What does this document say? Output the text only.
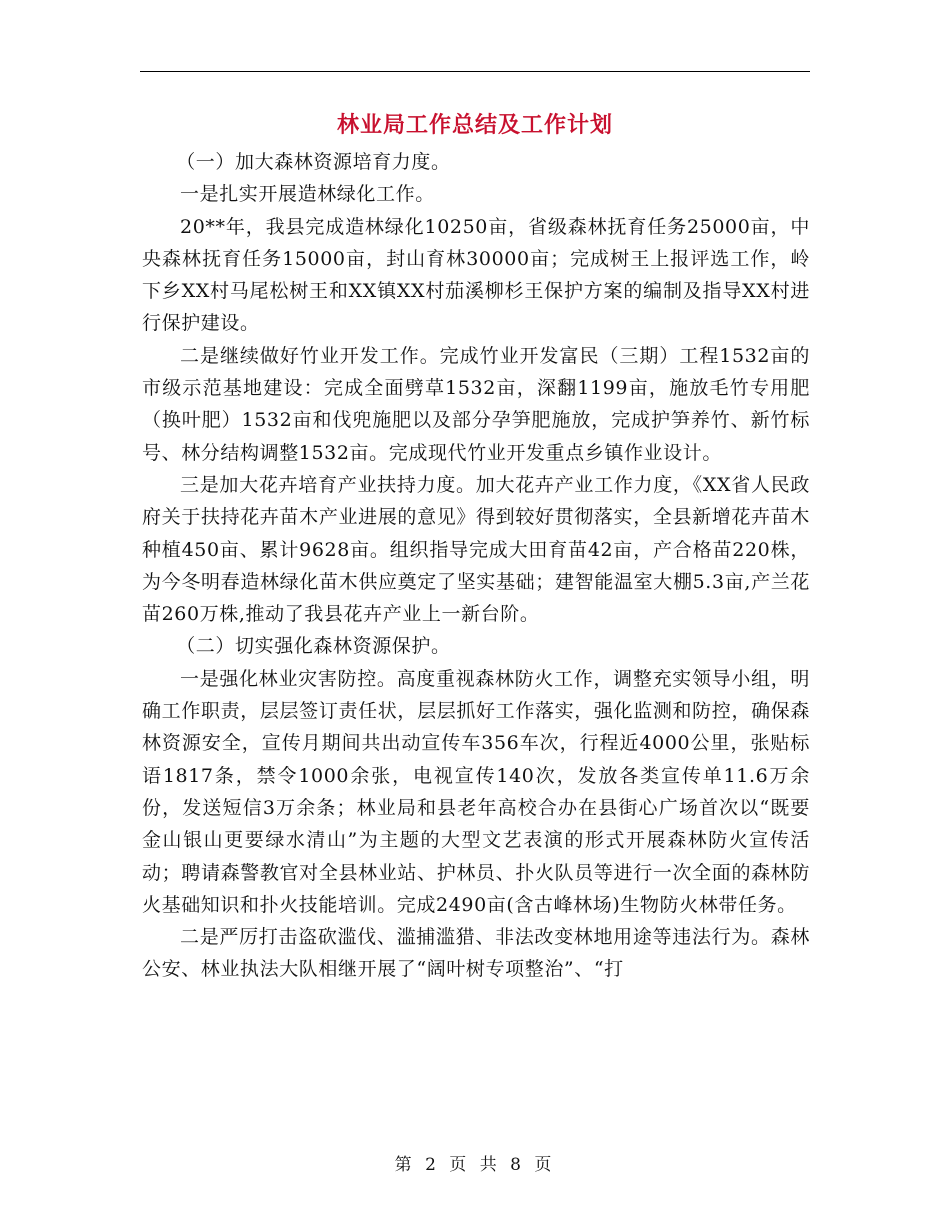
林业局工作总结及工作计划

（一）加大森林资源培育力度。

一是扎实开展造林绿化工作。

20**年，我县完成造林绿化10250亩，省级森林抚育任务25000亩，中央森林抚育任务15000亩，封山育林30000亩；完成树王上报评选工作，岭下乡XX村马尾松树王和XX镇XX村茄溪柳杉王保护方案的编制及指导XX村进行保护建设。

二是继续做好竹业开发工作。完成竹业开发富民（三期）工程1532亩的市级示范基地建设：完成全面劈草1532亩，深翻1199亩，施放毛竹专用肥（换叶肥）1532亩和伐兜施肥以及部分孕笋肥施放，完成护笋养竹、新竹标号、林分结构调整1532亩。完成现代竹业开发重点乡镇作业设计。

三是加大花卉培育产业扶持力度。加大花卉产业工作力度，《XX省人民政府关于扶持花卉苗木产业进展的意见》得到较好贯彻落实，全县新增花卉苗木种植450亩、累计9628亩。组织指导完成大田育苗42亩，产合格苗220株，为今冬明春造林绿化苗木供应奠定了坚实基础；建智能温室大棚5.3亩,产兰花苗260万株,推动了我县花卉产业上一新台阶。

（二）切实强化森林资源保护。

一是强化林业灾害防控。高度重视森林防火工作，调整充实领导小组，明确工作职责，层层签订责任状，层层抓好工作落实，强化监测和防控，确保森林资源安全，宣传月期间共出动宣传车356车次，行程近4000公里，张贴标语1817条，禁令1000余张，电视宣传140次，发放各类宣传单11.6万余份，发送短信3万余条；林业局和县老年高校合办在县街心广场首次以“既要金山银山更要绿水清山”为主题的大型文艺表演的形式开展森林防火宣传活动；聘请森警教官对全县林业站、护林员、扑火队员等进行一次全面的森林防火基础知识和扑火技能培训。完成2490亩(含古峰林场)生物防火林带任务。

二是严厉打击盗砍滥伐、滥捕滥猎、非法改变林地用途等违法行为。森林公安、林业执法大队相继开展了“阔叶树专项整治”、“打

第 2 页 共 8 页
